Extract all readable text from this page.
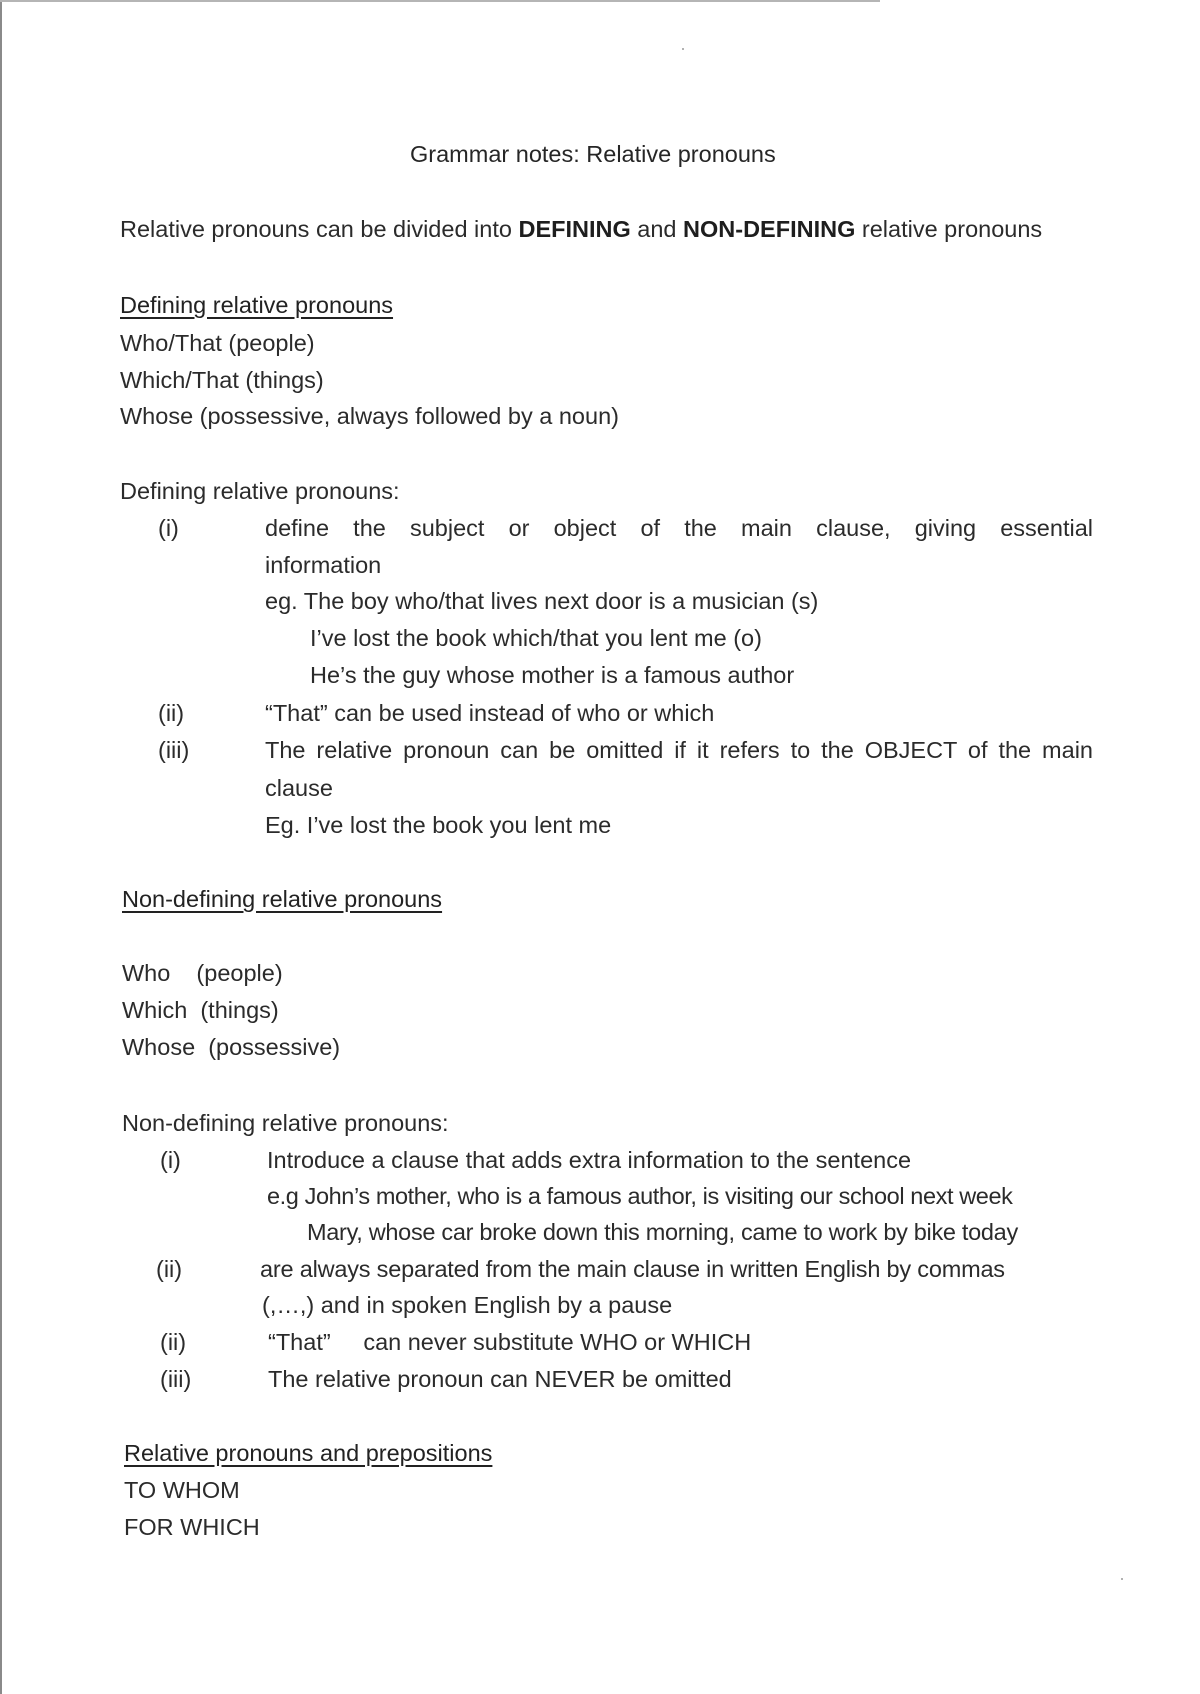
Grammar notes: Relative pronouns
Relative pronouns can be divided into DEFINING and NON-DEFINING relative pronouns
Defining relative pronouns
Who/That (people)
Which/That (things)
Whose (possessive, always followed by a noun)
Defining relative pronouns:
(i)	define the subject or object of the main clause, giving essential
information
eg. The boy who/that lives next door is a musician (s)
I’ve lost the book which/that you lent me (o)
He’s the guy whose mother is a famous author
(ii)	“That” can be used instead of who or which
(iii)	The relative pronoun can be omitted if it refers to the OBJECT of the main
clause
Eg. I’ve lost the book you lent me
Non-defining relative pronouns
Who    (people)
Which  (things)
Whose  (possessive)
Non-defining relative pronouns:
(i)	Introduce a clause that adds extra information to the sentence
e.g John’s mother, who is a famous author, is visiting our school next week
Mary, whose car broke down this morning, came to work by bike today
(ii)	are always separated from the main clause in written English by commas
(,…,) and in spoken English by a pause
(ii)	“That”     can never substitute WHO or WHICH
(iii)	The relative pronoun can NEVER be omitted
Relative pronouns and prepositions
TO WHOM
FOR WHICH
